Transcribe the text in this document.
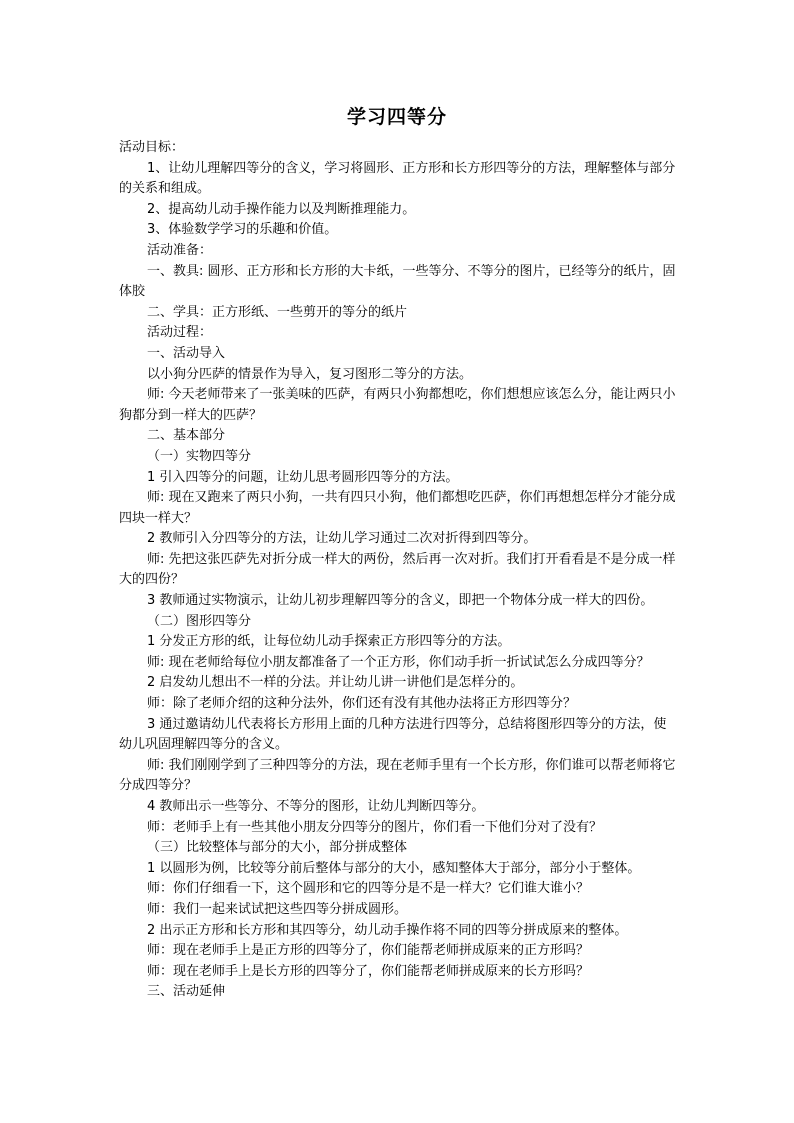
学习四等分

活动目标：

1、让幼儿理解四等分的含义，学习将圆形、正方形和长方形四等分的方法，理解整体与部分的关系和组成。

2、提高幼儿动手操作能力以及判断推理能力。

3、体验数学学习的乐趣和价值。

活动准备：

一、教具: 圆形、正方形和长方形的大卡纸，一些等分、不等分的图片，已经等分的纸片，固体胶

二、学具：正方形纸、一些剪开的等分的纸片

活动过程：

一、活动导入

以小狗分匹萨的情景作为导入，复习图形二等分的方法。

师: 今天老师带来了一张美味的匹萨，有两只小狗都想吃，你们想想应该怎么分，能让两只小狗都分到一样大的匹萨？

二、基本部分

（一）实物四等分

1 引入四等分的问题，让幼儿思考圆形四等分的方法。

师: 现在又跑来了两只小狗，一共有四只小狗，他们都想吃匹萨，你们再想想怎样分才能分成四块一样大？

2 教师引入分四等分的方法，让幼儿学习通过二次对折得到四等分。

师: 先把这张匹萨先对折分成一样大的两份，然后再一次对折。我们打开看看是不是分成一样大的四份？

3 教师通过实物演示，让幼儿初步理解四等分的含义，即把一个物体分成一样大的四份。

（二）图形四等分

1 分发正方形的纸，让每位幼儿动手探索正方形四等分的方法。

师: 现在老师给每位小朋友都准备了一个正方形，你们动手折一折试试怎么分成四等分？

2 启发幼儿想出不一样的分法。并让幼儿讲一讲他们是怎样分的。

师：除了老师介绍的这种分法外，你们还有没有其他办法将正方形四等分？

3 通过邀请幼儿代表将长方形用上面的几种方法进行四等分，总结将图形四等分的方法，使幼儿巩固理解四等分的含义。

师: 我们刚刚学到了三种四等分的方法，现在老师手里有一个长方形，你们谁可以帮老师将它分成四等分？

4 教师出示一些等分、不等分的图形，让幼儿判断四等分。

师：老师手上有一些其他小朋友分四等分的图片，你们看一下他们分对了没有？

（三）比较整体与部分的大小，部分拼成整体

1 以圆形为例，比较等分前后整体与部分的大小，感知整体大于部分，部分小于整体。

师：你们仔细看一下，这个圆形和它的四等分是不是一样大？它们谁大谁小？

师：我们一起来试试把这些四等分拼成圆形。

2 出示正方形和长方形和其四等分，幼儿动手操作将不同的四等分拼成原来的整体。

师：现在老师手上是正方形的四等分了，你们能帮老师拼成原来的正方形吗？

师：现在老师手上是长方形的四等分了，你们能帮老师拼成原来的长方形吗？

三、活动延伸
